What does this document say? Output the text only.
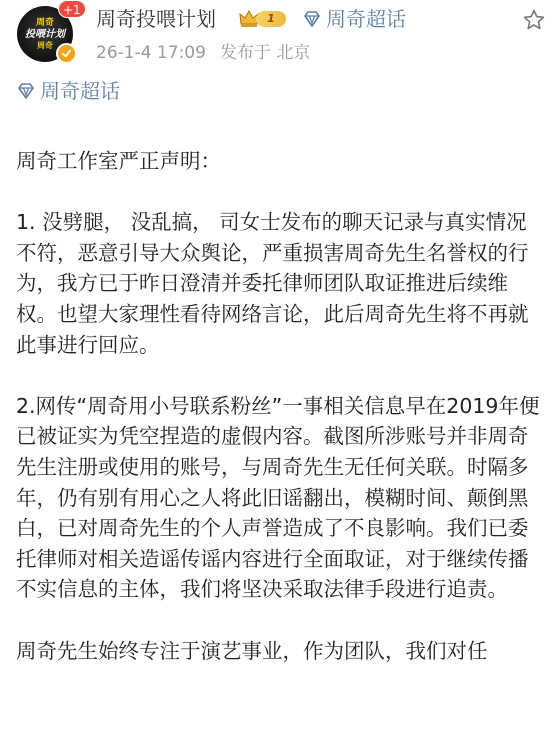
周奇
投喂计划
周奇
+1 周奇投喂计划	1	周奇超话
26-1-4 17:09 发布于 北京
周奇超话

周奇工作室严正声明：

1. 没劈腿， 没乱搞， 司女士发布的聊天记录与真实情况不符，恶意引导大众舆论，严重损害周奇先生名誉权的行为，我方已于昨日澄清并委托律师团队取证推进后续维权。也望大家理性看待网络言论，此后周奇先生将不再就此事进行回应。

2.网传“周奇用小号联系粉丝”一事相关信息早在2019年便已被证实为凭空捏造的虚假内容。截图所涉账号并非周奇先生注册或使用的账号，与周奇先生无任何关联。时隔多年，仍有别有用心之人将此旧谣翻出，模糊时间、颠倒黑白，已对周奇先生的个人声誉造成了不良影响。我们已委托律师对相关造谣传谣内容进行全面取证，对于继续传播不实信息的主体，我们将坚决采取法律手段进行追责。

周奇先生始终专注于演艺事业，作为团队，我们对任
